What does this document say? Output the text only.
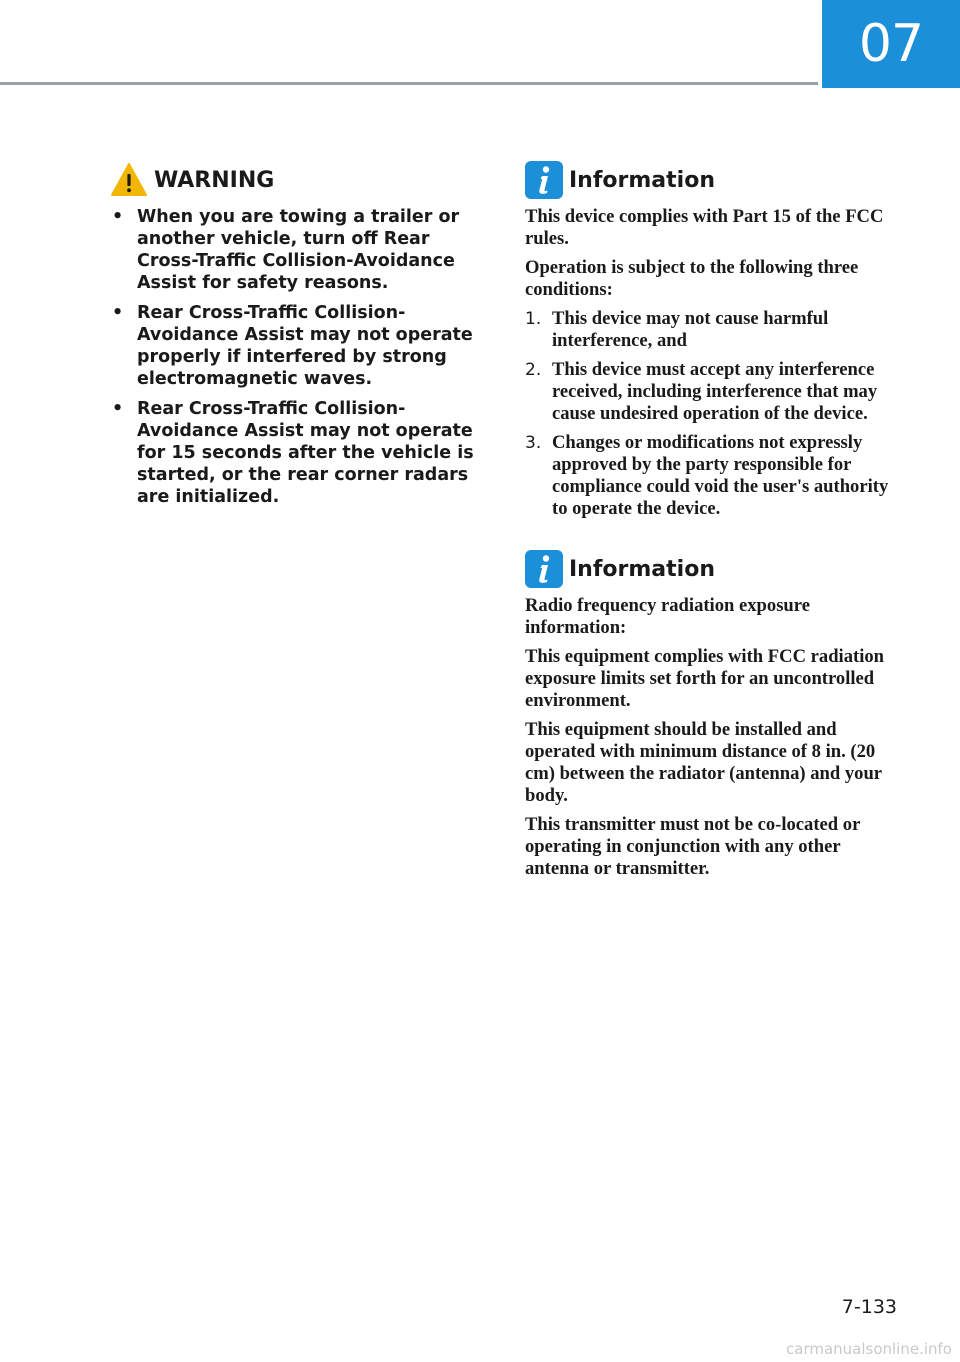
07
WARNING
• When you are towing a trailer or another vehicle, turn off Rear Cross-Traffic Collision-Avoidance Assist for safety reasons.
• Rear Cross-Traffic Collision-Avoidance Assist may not operate properly if interfered by strong electromagnetic waves.
• Rear Cross-Traffic Collision-Avoidance Assist may not operate for 15 seconds after the vehicle is started, or the rear corner radars are initialized.
Information

This device complies with Part 15 of the FCC rules.

Operation is subject to the following three conditions:

1. This device may not cause harmful interference, and
2. This device must accept any interference received, including interference that may cause undesired operation of the device.
3. Changes or modifications not expressly approved by the party responsible for compliance could void the user's authority to operate the device.
Information

Radio frequency radiation exposure information:

This equipment complies with FCC radiation exposure limits set forth for an uncontrolled environment.

This equipment should be installed and operated with minimum distance of 8 in. (20 cm) between the radiator (antenna) and your body.

This transmitter must not be co-located or operating in conjunction with any other antenna or transmitter.

7-133
carmanualsonline.info
